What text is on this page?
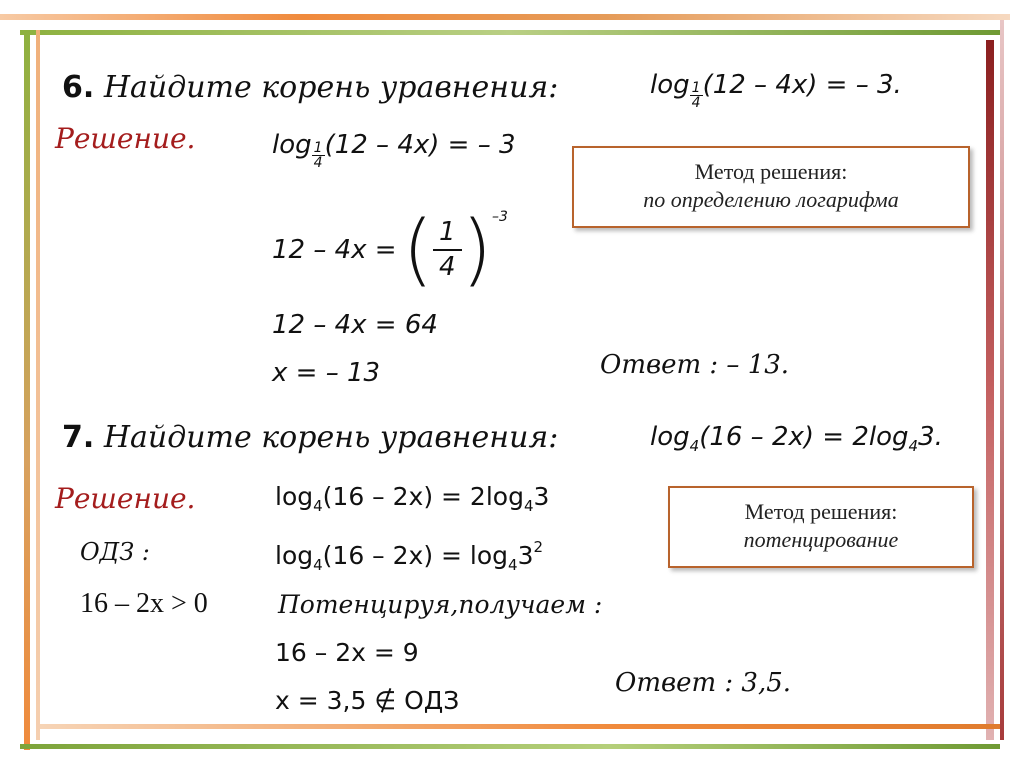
6. Найдите корень уравнения:	$\log \frac{1}{4} (12 - 4x)$ = – 3.
Решение.	$\log \frac{1}{4} (12 - 4x)$ = – 3
12 – 4x = ( 1
4 ) –3
12 – 4x = 64
x = – 13	Ответ : – 13.
Метод решения:
по определению логарифма
7. Найдите корень уравнения:	$\log_4(16 - 2x) = 2\log_43$.
Решение.	$\log_4(16 - 2x) = 2\log_43$
ОДЗ :	$\log_4(16 - 2x) = \log_43^2$
16 – 2x > 0	Потенцируя,получаем :
16 – 2x = 9
x = 3,5 ∉ ОДЗ
Ответ : 3,5.
Метод решения:
потенцирование
